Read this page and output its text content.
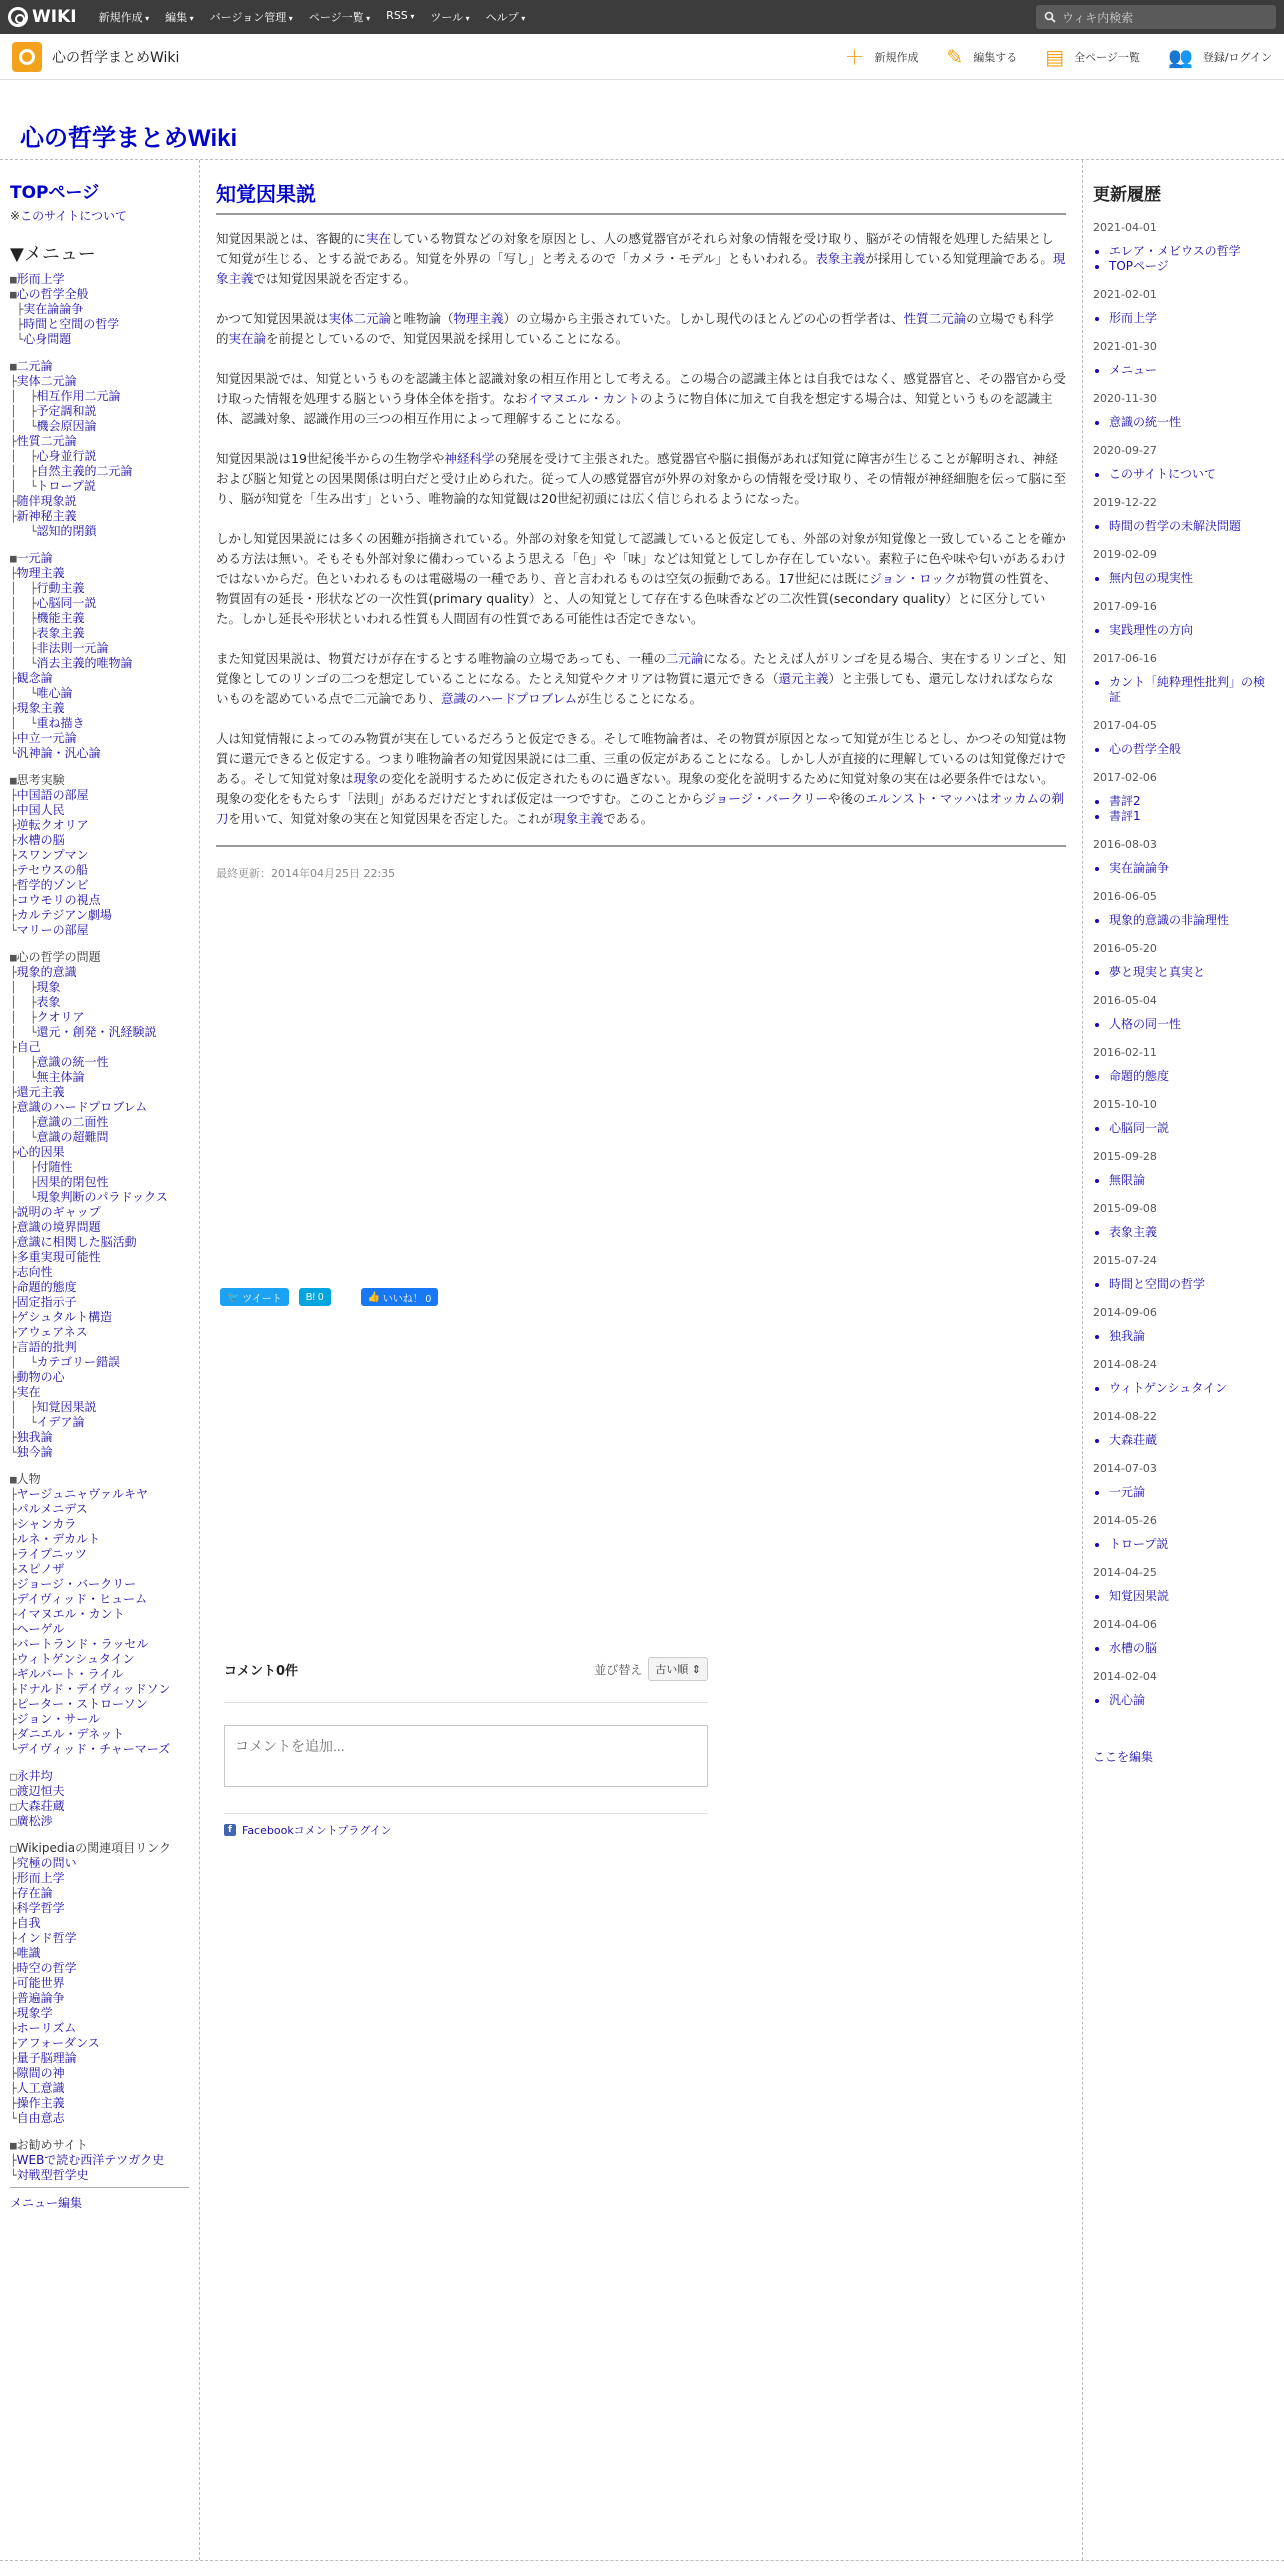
WIKI	新規作成 ▾	編集 ▾	バージョン管理 ▾	ページ一覧 ▾	RSS ▾	ツール ▾	ヘルプ ▾	ウィキ内検索
心の哲学まとめWiki	＋ 新規作成 ✎ 編集する ▤ 全ページ一覧 👥 登録/ログイン
心の哲学まとめWiki
TOPページ
※このサイトについて
▼メニュー
■形而上学
■心の哲学全般
├実在論論争
├時間と空間の哲学
└心身問題
■二元論
├実体二元論
│  ├相互作用二元論
│  ├予定調和説
│  └機会原因論
├性質二元論
│  ├心身並行説
│  ├自然主義的二元論
│  └トロープ説
├随伴現象説
├新神秘主義
└認知的閉鎖
■一元論
├物理主義
│  ├行動主義
│  ├心脳同一説
│  ├機能主義
│  ├表象主義
│  ├非法則一元論
│  └消去主義的唯物論
├観念論
│  └唯心論
├現象主義
│  └重ね描き
├中立一元論
└汎神論・汎心論
■思考実験
├中国語の部屋
├中国人民
├逆転クオリア
├水槽の脳
├スワンプマン
├テセウスの船
├哲学的ゾンビ
├コウモリの視点
├カルテジアン劇場
└マリーの部屋
■心の哲学の問題
├現象的意識
│  ├現象
│  ├表象
│  ├クオリア
│  └還元・創発・汎経験説
├自己
│  ├意識の統一性
│  └無主体論
├還元主義
├意識のハードプロブレム
│  ├意識の二面性
│  └意識の超難問
├心的因果
│  ├付随性
│  ├因果的閉包性
│  └現象判断のパラドックス
├説明のギャップ
├意識の境界問題
├意識に相関した脳活動
├多重実現可能性
├志向性
├命題的態度
├固定指示子
├ゲシュタルト構造
├アウェアネス
├言語的批判
│  └カテゴリー錯誤
├動物の心
├実在
│  ├知覚因果説
│  └イデア論
├独我論
└独今論
■人物
├ヤージュニャヴァルキヤ
├パルメニデス
├シャンカラ
├ルネ・デカルト
├ライプニッツ
├スピノザ
├ジョージ・バークリー
├デイヴィッド・ヒューム
├イマヌエル・カント
├ヘーゲル
├バートランド・ラッセル
├ウィトゲンシュタイン
├ギルバート・ライル
├ドナルド・デイヴィッドソン
├ピーター・ストローソン
├ジョン・サール
├ダニエル・デネット
└デイヴィッド・チャーマーズ
□永井均
□渡辺恒夫
□大森荘蔵
□廣松渉
□Wikipediaの関連項目リンク
├究極の問い
├形而上学
├存在論
├科学哲学
├自我
├インド哲学
├唯識
├時空の哲学
├可能世界
├普遍論争
├現象学
├ホーリズム
├アフォーダンス
├量子脳理論
├隙間の神
├人工意識
├操作主義
└自由意志
■お勧めサイト
├WEBで読む西洋テツガク史
└対戦型哲学史
メニュー編集
知覚因果説

知覚因果説とは、客観的に実在している物質などの対象を原因とし、人の感覚器官がそれら対象の情報を受け取り、脳がその情報を処理した結果として知覚が生じる、とする説である。知覚を外界の「写し」と考えるので「カメラ・モデル」ともいわれる。表象主義が採用している知覚理論である。現象主義では知覚因果説を否定する。

かつて知覚因果説は実体二元論と唯物論（物理主義）の立場から主張されていた。しかし現代のほとんどの心の哲学者は、性質二元論の立場でも科学的実在論を前提としているので、知覚因果説を採用していることになる。

知覚因果説では、知覚というものを認識主体と認識対象の相互作用として考える。この場合の認識主体とは自我ではなく、感覚器官と、その器官から受け取った情報を処理する脳という身体全体を指す。なおイマヌエル・カントのように物自体に加えて自我を想定する場合は、知覚というものを認識主体、認識対象、認識作用の三つの相互作用によって理解することになる。

知覚因果説は19世紀後半からの生物学や神経科学の発展を受けて主張された。感覚器官や脳に損傷があれば知覚に障害が生じることが解明され、神経および脳と知覚との因果関係は明白だと受け止められた。従って人の感覚器官が外界の対象からの情報を受け取り、その情報が神経細胞を伝って脳に至り、脳が知覚を「生み出す」という、唯物論的な知覚観は20世紀初頭には広く信じられるようになった。

しかし知覚因果説には多くの困難が指摘されている。外部の対象を知覚して認識していると仮定しても、外部の対象が知覚像と一致していることを確かめる方法は無い。そもそも外部対象に備わっているよう思える「色」や「味」などは知覚としてしか存在していない。素粒子に色や味や匂いがあるわけではないからだ。色といわれるものは電磁場の一種であり、音と言われるものは空気の振動である。17世紀には既にジョン・ロックが物質の性質を、物質固有の延長・形状などの一次性質(primary quality）と、人の知覚として存在する色味香などの二次性質(secondary quality）とに区分していた。しかし延長や形状といわれる性質も人間固有の性質である可能性は否定できない。

また知覚因果説は、物質だけが存在するとする唯物論の立場であっても、一種の二元論になる。たとえば人がリンゴを見る場合、実在するリンゴと、知覚像としてのリンゴの二つを想定していることになる。たとえ知覚やクオリアは物質に還元できる（還元主義）と主張しても、還元しなければならないものを認めている点で二元論であり、意識のハードプロブレムが生じることになる。

人は知覚情報によってのみ物質が実在しているだろうと仮定できる。そして唯物論者は、その物質が原因となって知覚が生じるとし、かつその知覚は物質に還元できると仮定する。つまり唯物論者の知覚因果説には二重、三重の仮定があることになる。しかし人が直接的に理解しているのは知覚像だけである。そして知覚対象は現象の変化を説明するために仮定されたものに過ぎない。現象の変化を説明するために知覚対象の実在は必要条件ではない。現象の変化をもたらす「法則」があるだけだとすれば仮定は一つですむ。このことからジョージ・バークリーや後のエルンスト・マッハはオッカムの剃刀を用いて、知覚対象の実在と知覚因果を否定した。これが現象主義である。

最終更新：2014年04月25日 22:35
🐦 ツイート	B! 0	👍 いいね！ 0
コメント0件	並び替え	古い順 ⇕
コメントを追加...
f Facebookコメントプラグイン
更新履歴
2021-04-01
• エレア・メビウスの哲学
• TOPページ
2021-02-01
• 形而上学
2021-01-30
• メニュー
2020-11-30
• 意識の統一性
2020-09-27
• このサイトについて
2019-12-22
• 時間の哲学の未解決問題
2019-02-09
• 無内包の現実性
2017-09-16
• 実践理性の方向
2017-06-16
• カント「純粋理性批判」の検証
2017-04-05
• 心の哲学全般
2017-02-06
• 書評2
• 書評1
2016-08-03
• 実在論論争
2016-06-05
• 現象的意識の非論理性
2016-05-20
• 夢と現実と真実と
2016-05-04
• 人格の同一性
2016-02-11
• 命題的態度
2015-10-10
• 心脳同一説
2015-09-28
• 無限論
2015-09-08
• 表象主義
2015-07-24
• 時間と空間の哲学
2014-09-06
• 独我論
2014-08-24
• ウィトゲンシュタイン
2014-08-22
• 大森荘蔵
2014-07-03
• 一元論
2014-05-26
• トロープ説
2014-04-25
• 知覚因果説
2014-04-06
• 水槽の脳
2014-02-04
• 汎心論
ここを編集
